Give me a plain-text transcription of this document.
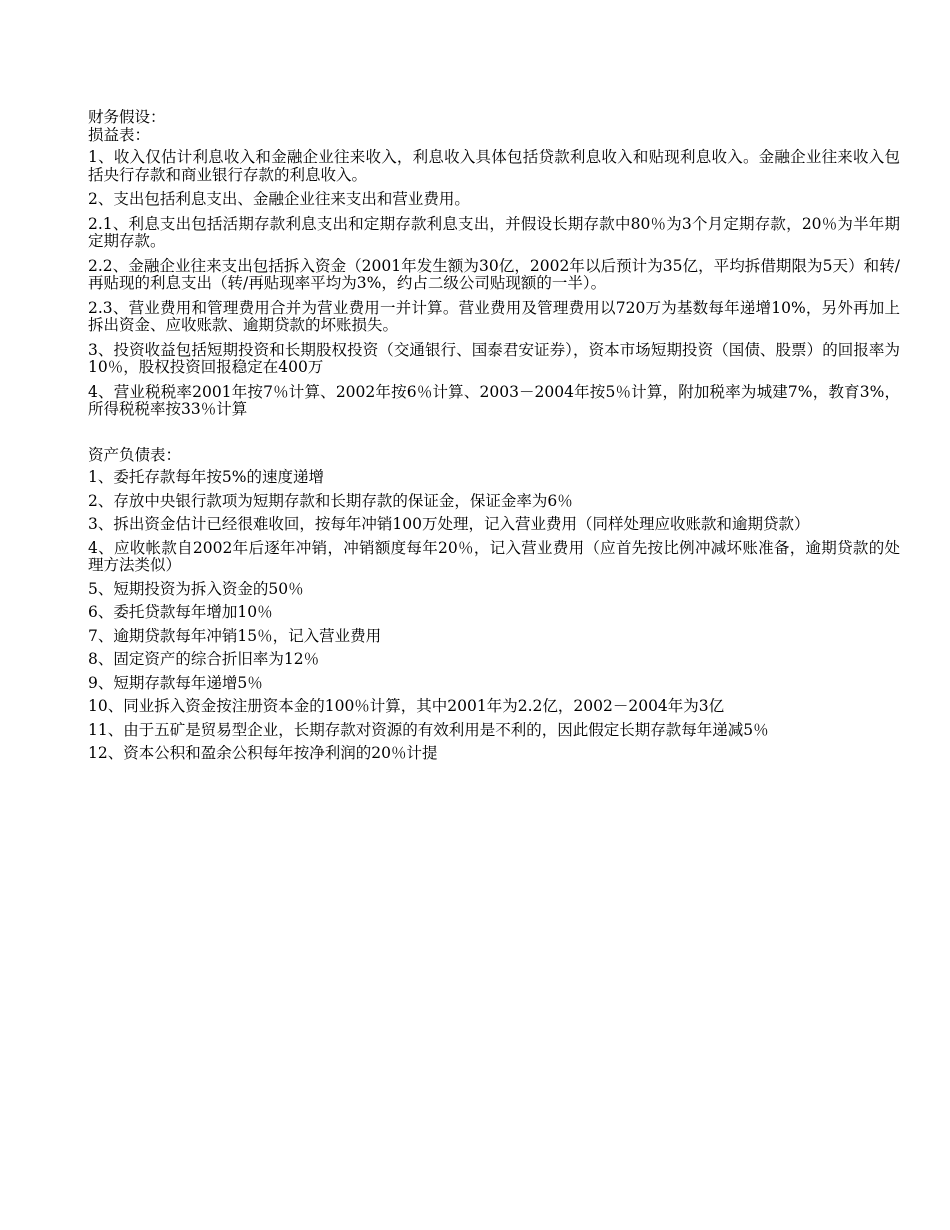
财务假设：

损益表：

1、收入仅估计利息收入和金融企业往来收入，利息收入具体包括贷款利息收入和贴现利息收入。金融企业往来收入包括央行存款和商业银行存款的利息收入。

2、支出包括利息支出、金融企业往来支出和营业费用。

2.1、利息支出包括活期存款利息支出和定期存款利息支出，并假设长期存款中80％为3个月定期存款，20％为半年期定期存款。

2.2、金融企业往来支出包括拆入资金（2001年发生额为30亿，2002年以后预计为35亿，平均拆借期限为5天）和转/再贴现的利息支出（转/再贴现率平均为3%，约占二级公司贴现额的一半）。

2.3、营业费用和管理费用合并为营业费用一并计算。营业费用及管理费用以720万为基数每年递增10%，另外再加上拆出资金、应收账款、逾期贷款的坏账损失。

3、投资收益包括短期投资和长期股权投资（交通银行、国泰君安证券），资本市场短期投资（国债、股票）的回报率为10％，股权投资回报稳定在400万

4、营业税税率2001年按7％计算、2002年按6％计算、2003－2004年按5％计算，附加税率为城建7%，教育3%，所得税税率按33％计算

资产负债表：

1、委托存款每年按5%的速度递增

2、存放中央银行款项为短期存款和长期存款的保证金，保证金率为6％

3、拆出资金估计已经很难收回，按每年冲销100万处理，记入营业费用（同样处理应收账款和逾期贷款）

4、应收帐款自2002年后逐年冲销，冲销额度每年20％，记入营业费用（应首先按比例冲减坏账准备，逾期贷款的处理方法类似）

5、短期投资为拆入资金的50％

6、委托贷款每年增加10％

7、逾期贷款每年冲销15％，记入营业费用

8、固定资产的综合折旧率为12％

9、短期存款每年递增5％

10、同业拆入资金按注册资本金的100％计算，其中2001年为2.2亿，2002－2004年为3亿

11、由于五矿是贸易型企业，长期存款对资源的有效利用是不利的，因此假定长期存款每年递减5％

12、资本公积和盈余公积每年按净利润的20％计提
